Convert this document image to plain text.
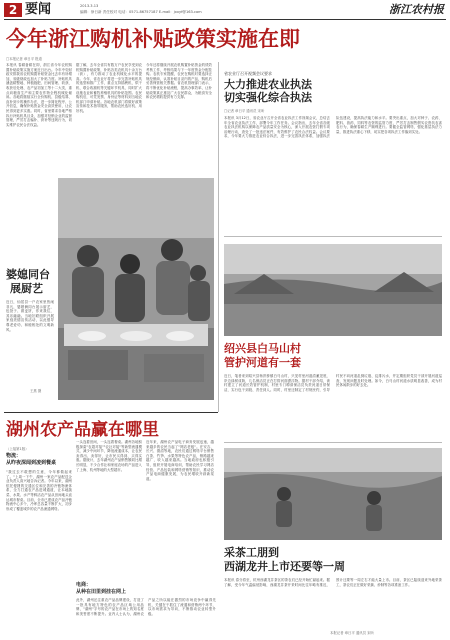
2 要闻	2013.3.13
编辑：徐日新 责任校对 电话：0571-86757187 E-mail：jxxyf@163.com	浙江农村报
今年浙江购机补贴政策实施在即
□本报记者 章日平 报道
本报讯 春耕备耕在即，浙江省今年农机购置补贴政策实施方案近日出台。今年中央财政安排我省农机购置补贴资金比去年有所增加，省级财政也加大了补贴力度。补贴机具涵盖耕整地、种植施肥、田间管理、收获、收获后处理、农产品初加工等十二大类，重点向粮食生产和主要农作物全程机械化倾斜。各地将继续实行全价购机、县级结算、直补到卡的操作办法，进一步简化程序、公开信息，确保补贴资金安全高效使用，让农民得到更多实惠。同时，省里要求各地严格执行补贴机具目录，加强对经销企业的监督管理，严厉打击骗补、套补等违规行为，切实维护农民合法权益。
据了解，去年全省共有数万户农民享受到农机购置补贴政策，补贴各类农机具十余万台（套），有力推动了农业机械化水平的提高。今年，省农业厅将进一步完善补贴机具的选型和推广工作，重点支持插秧机、烘干机、联合收割机等关键环节机具，同时扩大设施农业和畜牧养殖机具的补贴范围。农民购机后，可凭发票、身份证等材料到当地农机部门申请补贴。各地农机部门将做好政策宣传和技术指导服务，帮助农民选好机、用好机。
今年还将继续开展农机购置补贴资金的绩效考核工作，考核结果与下一年度资金分配挂钩。农机专家提醒，农民在购机时要选择正规经销商，认准补贴目录内的产品，购机后妥善保管相关票据。省农机管理部门表示，将不断优化补贴流程，提高办事效率，让补贴政策真正惠及广大农民群众，为粮食安全和农民增收提供有力支撑。
省农业厅召开视频会议要求
大力推进农业执法
切实强化综合执法
□记者 章日平 通讯员 宋昕
本报讯 3月12日，省农业厅召开全省农业执法工作视频会议，总结去年全省农业执法工作，部署今年工作任务。会议指出，去年全省各级农业执法机构以保障农产品质量安全为核心，深入开展农资打假专项治理行动，查处了一批违法案件，有效维护了农民合法权益。会议要求，今年要大力推进农业综合执法，进一步完善执法体系，加强执法队伍建设，提高执法能力和水平。要突出重点，加大对种子、农药、肥料、兽药、饲料等农资的监管力度，严厉打击制售假劣农资坑农害农行为，确保春耕生产顺利进行。要健全监管网络，强化基层执法力量，推进执法重心下移，切实把各项执法工作落到实处。
婆媳同台
展厨艺
近日，仙居县一户农家里热闹非凡，婆媳俩同台展示厨艺，包饺子、做麦饼，你来我往，其乐融融。当地妇联组织开展家庭美德宣传活动，以此倡导尊老爱幼、和睦相处的文明新风。
王燕 摄
绍兴县白马山村
管护河道有一套
近日，笔者来到绍兴县杨汛桥镇白马山村，只见村里河道清澈见底，岸边绿树成荫，几名保洁员正在打捞河面漂浮物。据村干部介绍，该村建立了河道长效管护机制，村里专门聘请保洁员负责河道日常保洁，实行包干到段、责任到人。同时，村里还制定了村规民约，引导村民不向河道乱倒垃圾、乱排污水，并定期组织党员干部开展河道巡查，发现问题及时处理。如今，白马山村河道水质明显改善，成为村民休闲散步的好去处。
湖州农产品赢在哪里
（上接第1版）
物流：
从昨夜深闻到凌到餐桌
"我过去不敢想的生意，今年都做起来了。"上周一下午，湖州一家农产品配送企业负责人高兴地告诉记者。今年以来，湖州依托便捷的交通区位和完善的冷链物流体系，全力打通农产品进城通道，让本地蔬菜、水果、水产等鲜活农产品从田间地头直达城市餐桌。目前，全市已建成农产品冷链物流中心多个，冷库总容量不断扩大，初步形成了覆盖城乡的农产品流通网络。
一头连着田间，一头连着餐桌。湖州各地积极探索"农超对接""农社对接"等新型流通模式，减少中间环节，降低流通成本，让农民卖得出、卖得好，让市民买得到、买得实惠。据统计，去年湖州农产品销售额同比增长明显，不少合作社和家庭农场的产品进入了上海、杭州等地的大型超市。
电商：
从种在田里到挂在网上
近年来，湖州农产品电子商务发展迅速，越来越多的农民当起了"网店老板"。在安吉、长兴、德清等地，农民们通过网络平台销售白茶、竹笋、水果等特色农产品，销路越来越广，收入越来越高。当地政府也积极引导，组织开展电商培训，帮助农民学习网店经营、产品包装和网络营销等知识，推动农产品电商健康发展，为农民增收开辟新渠道。
此外，湖州还注重农产品品牌建设，打造了一批具有地方特色的农产品区域公用品牌，"湖州"字号的农产品在市场上的知名度和美誉度不断提升。业内人士认为，湖州农产品之所以能在激烈的市场竞争中赢得先机，关键在于抓住了流通和营销两个环节，以市场需求为导向，不断推动农业转型升级。
采茶工朋到
西湖龙井上市还要等一周
本报讯 春分将至，杭州西湖龙井茶区的茶农们已经开始忙碌起来。据了解，受今年气温偏低影响，西湖龙井茶开采时间比往年略有推迟，预计还要等一周左右才能大量上市。目前，茶区已陆续迎来外地采茶工，茶农们正在做好采摘、炒制等各项准备工作。
本报记者 章日平 通讯员 宋昕
